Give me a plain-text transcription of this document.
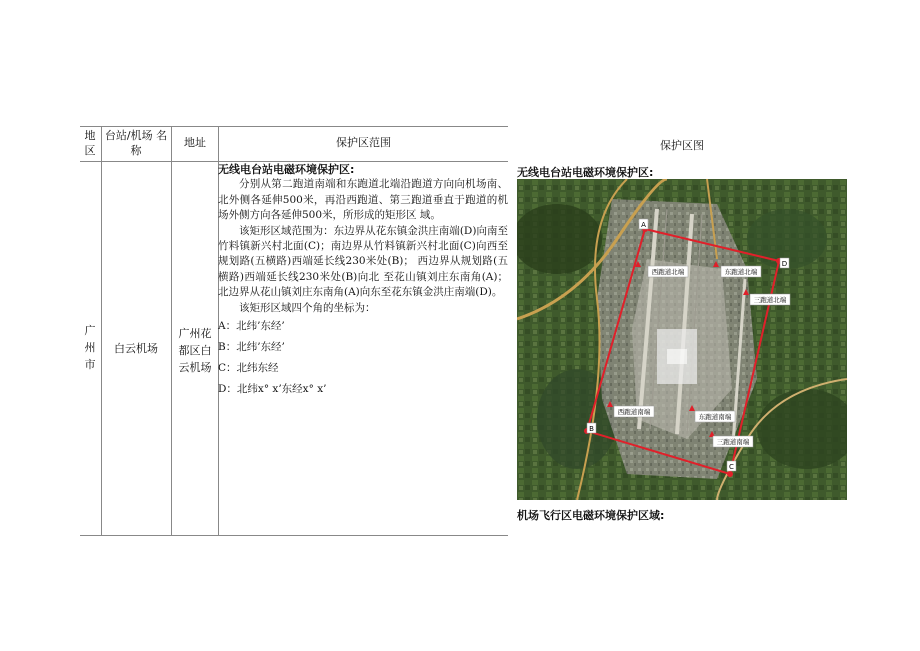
地区
台站/机场 名称
地址	保护区范围
广州市
白云机场
广州花都区白云机场

无线电台站电磁环境保护区:

分别从第二跑道南端和东跑道北端沿跑道方向向机场南、北外侧各延伸500米，再沿西跑道、第三跑道垂直于跑道的机场外侧方向各延伸500米，所形成的矩形区 域。

该矩形区域范围为：东边界从花东镇金洪庄南端(D)向南至竹料镇新兴村北面(C)；南边界从竹料镇新兴村北面(C)向西至规划路(五横路)西端延长线230米处(B)； 西边界从规划路(五横路)西端延长线230米处(B)向北 至花山镇刘庄东南角(A)；北边界从花山镇刘庄东南角(A)向东至花东镇金洪庄南端(D)。

该矩形区域四个角的坐标为：

A：北纬’东经’

B：北纬’东经’

C：北纬东经

D：北纬x° x’东经x° x’

保护区图
无线电台站电磁环境保护区:
A
B
C
D
西跑道北端	东跑道北端
三跑道北端
西跑道南端
东跑道南端
三跑道南端
机场飞行区电磁环境保护区域:
